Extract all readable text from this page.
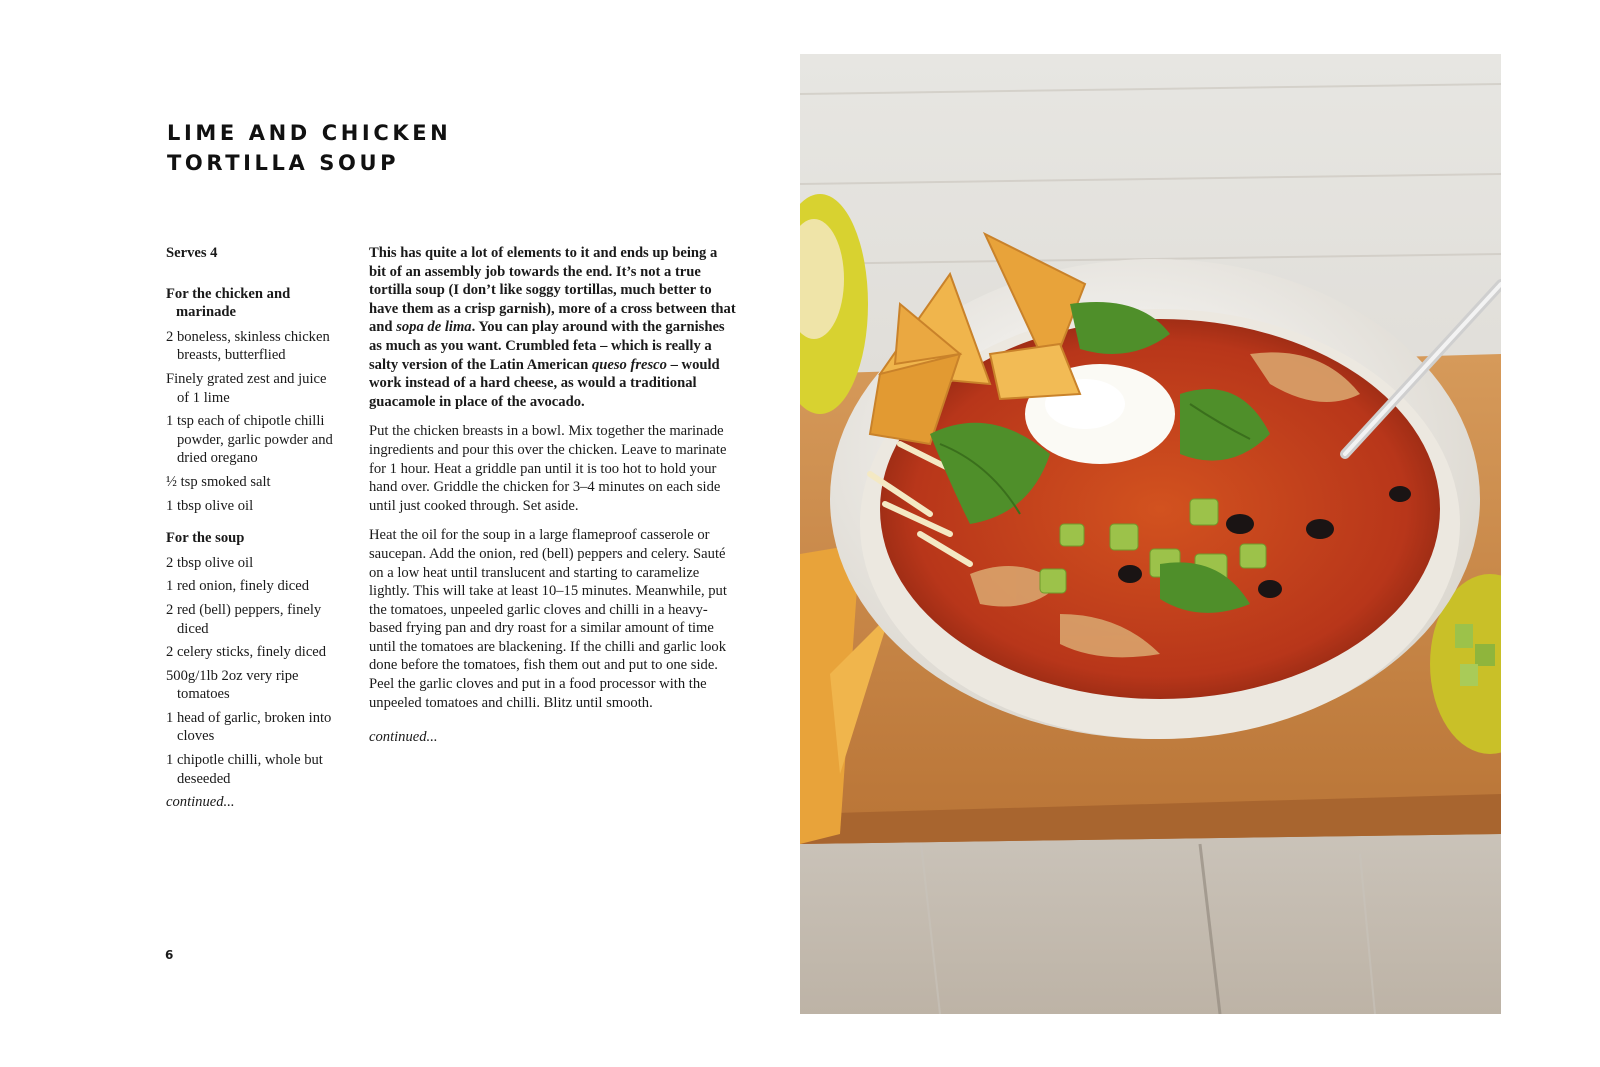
LIME AND CHICKEN
TORTILLA SOUP

Serves 4

For the chicken and marinade

2 boneless, skinless chicken breasts, butterflied
Finely grated zest and juice of 1 lime
1 tsp each of chipotle chilli powder, garlic powder and dried oregano
½ tsp smoked salt
1 tbsp olive oil

For the soup

2 tbsp olive oil
1 red onion, finely diced
2 red (bell) peppers, finely diced
2 celery sticks, finely diced
500g/1lb 2oz very ripe tomatoes
1 head of garlic, broken into cloves
1 chipotle chilli, whole but deseeded
continued...

This has quite a lot of elements to it and ends up being a bit of an assembly job towards the end. It’s not a true tortilla soup (I don’t like soggy tortillas, much better to have them as a crisp garnish), more of a cross between that and sopa de lima. You can play around with the garnishes as much as you want. Crumbled feta – which is really a salty version of the Latin American queso fresco – would work instead of a hard cheese, as would a traditional guacamole in place of the avocado.

Put the chicken breasts in a bowl. Mix together the marinade ingredients and pour this over the chicken. Leave to marinate for 1 hour. Heat a griddle pan until it is too hot to hold your hand over. Griddle the chicken for 3–4 minutes on each side until just cooked through. Set aside.

Heat the oil for the soup in a large flameproof casserole or saucepan. Add the onion, red (bell) peppers and celery. Sauté on a low heat until translucent and starting to caramelize lightly. This will take at least 10–15 minutes. Meanwhile, put the tomatoes, unpeeled garlic cloves and chilli in a heavy-based frying pan and dry roast for a similar amount of time until the tomatoes are blackening. If the chilli and garlic look done before the tomatoes, fish them out and put to one side. Peel the garlic cloves and put in a food processor with the unpeeled tomatoes and chilli. Blitz until smooth.

continued...

6
